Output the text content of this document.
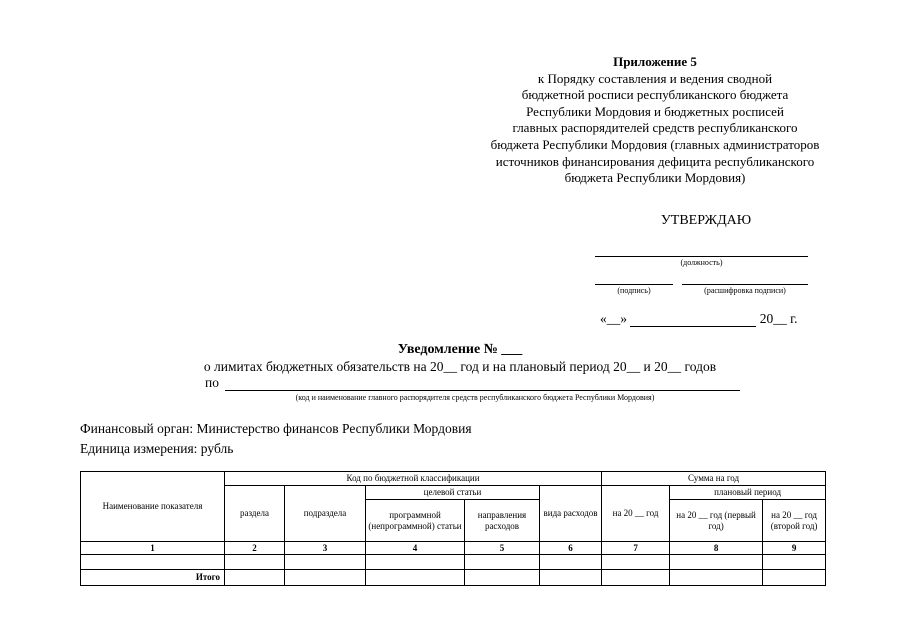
Приложение 5
к Порядку составления и ведения сводной
бюджетной росписи республиканского бюджета
Республики Мордовия и бюджетных росписей
главных распорядителей средств республиканского
бюджета Республики Мордовия (главных администраторов
источников финансирования дефицита республиканского
бюджета Республики Мордовия)
УТВЕРЖДАЮ
(должность)
(подпись)	(расшифровка подписи)
«__»	20__ г.
Уведомление № ___
о лимитах бюджетных обязательств на 20__ год и на плановый период 20__ и 20__ годов
по
(код и наименование главного распорядителя средств республиканского бюджета Республики Мордовия)
Финансовый орган: Министерство финансов Республики Мордовия
Единица измерения: рубль
Наименование показателя	Код по бюджетной классификации					Сумма на год		
	раздела	подраздела	целевой статьи		вида расходов	на 20 __ год	плановый период	
			программной (непрограммной) статьи	направления расходов			на 20 __ год (первый год)	на 20 __ год (второй год)
1	2	3	4	5	6	7	8	9

Итого								
